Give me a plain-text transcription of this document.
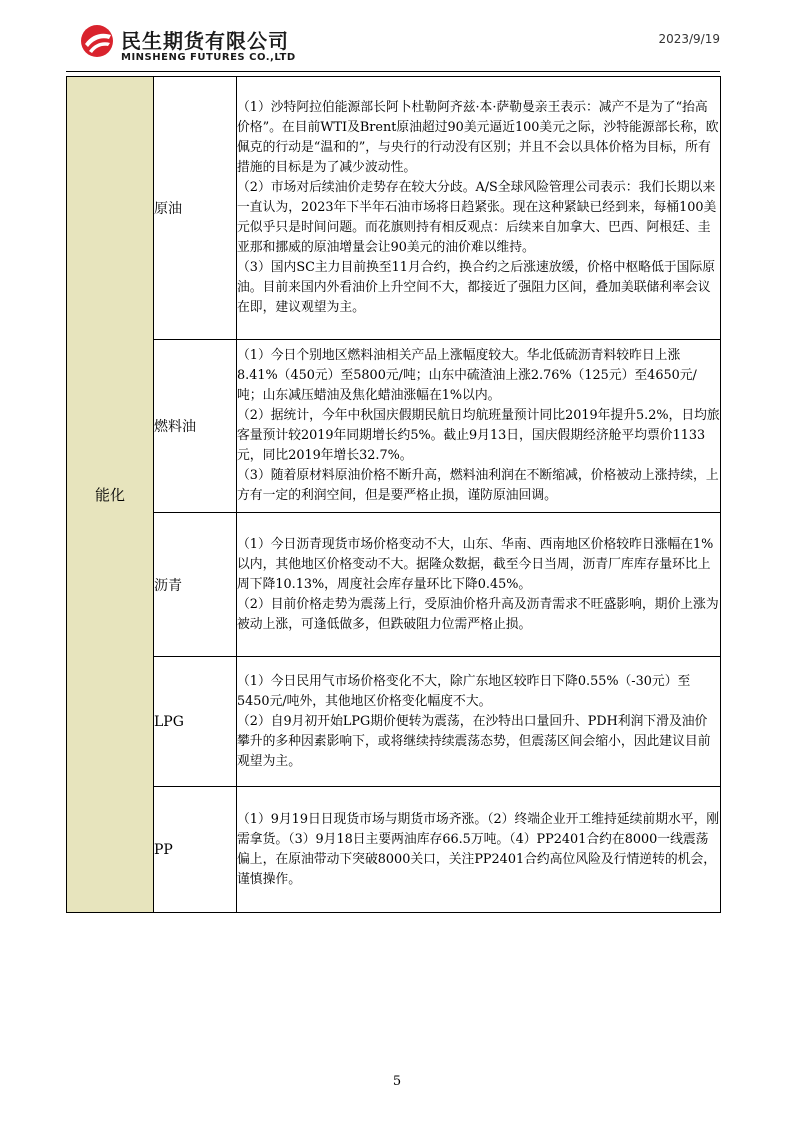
民生期货有限公司
MINSHENG FUTURES CO.,LTD
2023/9/19
能化	原油	（1）沙特阿拉伯能源部长阿卜杜勒阿齐兹·本·萨勒曼亲王表示：减产不是为了“抬高价格”。在目前WTI及Brent原油超过90美元逼近100美元之际，沙特能源部长称，欧佩克的行动是“温和的”，与央行的行动没有区别；并且不会以具体价格为目标，所有措施的目标是为了减少波动性。

（2）市场对后续油价走势存在较大分歧。A/S全球风险管理公司表示：我们长期以来一直认为，2023年下半年石油市场将日趋紧张。现在这种紧缺已经到来，每桶100美元似乎只是时间问题。而花旗则持有相反观点：后续来自加拿大、巴西、阿根廷、圭亚那和挪威的原油增量会让90美元的油价难以维持。

（3）国内SC主力目前换至11月合约，换合约之后涨速放缓，价格中枢略低于国际原油。目前来国内外看油价上升空间不大，都接近了强阻力区间，叠加美联储利率会议在即，建议观望为主。

	燃料油	（1）今日个别地区燃料油相关产品上涨幅度较大。华北低硫沥青料较昨日上涨8.41%（450元）至5800元/吨；山东中硫渣油上涨2.76%（125元）至4650元/吨；山东减压蜡油及焦化蜡油涨幅在1%以内。

（2）据统计，今年中秋国庆假期民航日均航班量预计同比2019年提升5.2%，日均旅客量预计较2019年同期增长约5%。截止9月13日，国庆假期经济舱平均票价1133元，同比2019年增长32.7%。

（3）随着原材料原油价格不断升高，燃料油利润在不断缩减，价格被动上涨持续，上方有一定的利润空间，但是要严格止损，谨防原油回调。

	沥青	（1）今日沥青现货市场价格变动不大，山东、华南、西南地区价格较昨日涨幅在1%以内，其他地区价格变动不大。据隆众数据，截至今日当周，沥青厂库库存量环比上周下降10.13%，周度社会库存量环比下降0.45%。

（2）目前价格走势为震荡上行，受原油价格升高及沥青需求不旺盛影响，期价上涨为被动上涨，可逢低做多，但跌破阻力位需严格止损。

	LPG	（1）今日民用气市场价格变化不大，除广东地区较昨日下降0.55%（-30元）至5450元/吨外，其他地区价格变化幅度不大。

（2）自9月初开始LPG期价便转为震荡，在沙特出口量回升、PDH利润下滑及油价攀升的多种因素影响下，或将继续持续震荡态势，但震荡区间会缩小，因此建议目前观望为主。

	PP	（1）9月19日日现货市场与期货市场齐涨。（2）终端企业开工维持延续前期水平，刚需拿货。（3）9月18日主要两油库存66.5万吨。（4）PP2401合约在8000一线震荡偏上，在原油带动下突破8000关口，关注PP2401合约高位风险及行情逆转的机会，谨慎操作。

5
